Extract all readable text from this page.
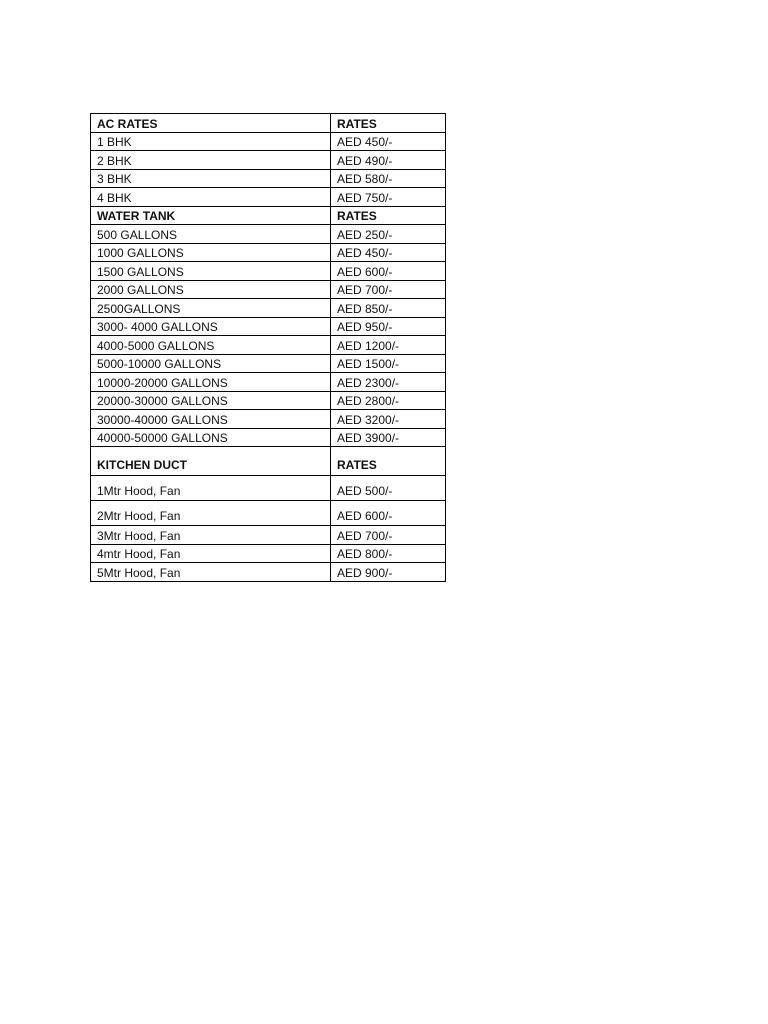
AC RATES	RATES
1 BHK	AED 450/-
2 BHK	AED 490/-
3 BHK	AED 580/-
4 BHK	AED 750/-
WATER TANK	RATES
500 GALLONS	AED 250/-
1000 GALLONS	AED 450/-
1500 GALLONS	AED 600/-
2000 GALLONS	AED 700/-
2500GALLONS	AED 850/-
3000- 4000 GALLONS	AED 950/-
4000-5000 GALLONS	AED 1200/-
5000-10000 GALLONS	AED 1500/-
10000-20000 GALLONS	AED 2300/-
20000-30000 GALLONS	AED 2800/-
30000-40000 GALLONS	AED 3200/-
40000-50000 GALLONS	AED 3900/-
KITCHEN DUCT	RATES
1Mtr Hood, Fan	AED 500/-
2Mtr Hood, Fan	AED 600/-
3Mtr Hood, Fan	AED 700/-
4mtr Hood, Fan	AED 800/-
5Mtr Hood, Fan	AED 900/-
